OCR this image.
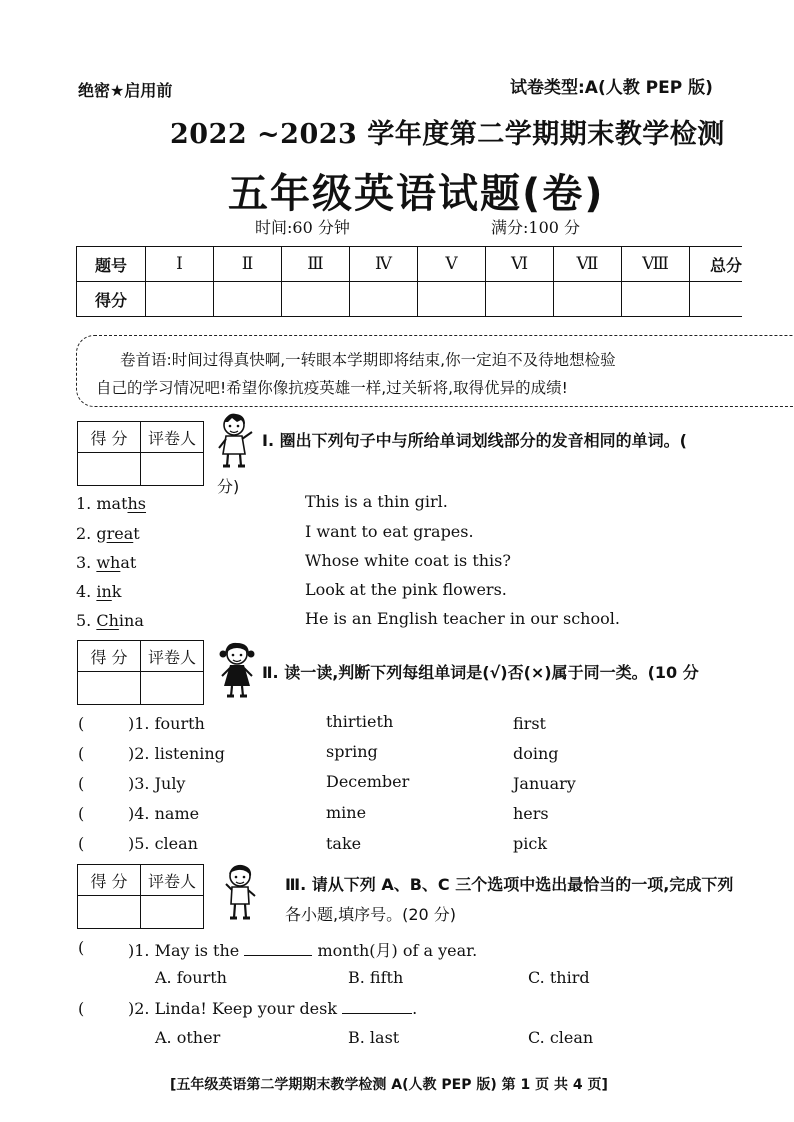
绝密★启用前	试卷类型:A(人教 PEP 版)
2022 ~2023 学年度第二学期期末教学检测
五年级英语试题(卷)
时间:60 分钟	满分:100 分
题号	Ⅰ	Ⅱ	Ⅲ	Ⅳ	Ⅴ	Ⅵ	Ⅶ	Ⅷ	总分
得分									
卷首语:时间过得真快啊,一转眼本学期即将结束,你一定迫不及待地想检验
自己的学习情况吧!希望你像抗疫英雄一样,过关斩将,取得优异的成绩!
得 分	评卷人
		Ⅰ. 圈出下列句子中与所给单词划线部分的发音相同的单词。(
分)
1. maths	This is a thin girl.
2. great	I want to eat grapes.
3. what	Whose white coat is this?
4. ink	Look at the pink flowers.
5. China	He is an English teacher in our school.
得 分	评卷人

Ⅱ. 读一读,判断下列每组单词是(√)否(×)属于同一类。(10 分
(	)1. fourth	thirtieth	first
(	)2. listening	spring	doing
(	)3. July	December	January
(	)4. name	mine	hers
(	)5. clean	take	pick
得 分	评卷人
		Ⅲ. 请从下列 A、B、C 三个选项中选出最恰当的一项,完成下列
各小题,填序号。(20 分)
(	)1. May is the	month(月) of a year.
A. fourth	B. fifth	C. third
(	)2. Linda! Keep your desk	.
A. other	B. last	C. clean
[五年级英语第二学期期末教学检测 A(人教 PEP 版) 第 1 页 共 4 页]
